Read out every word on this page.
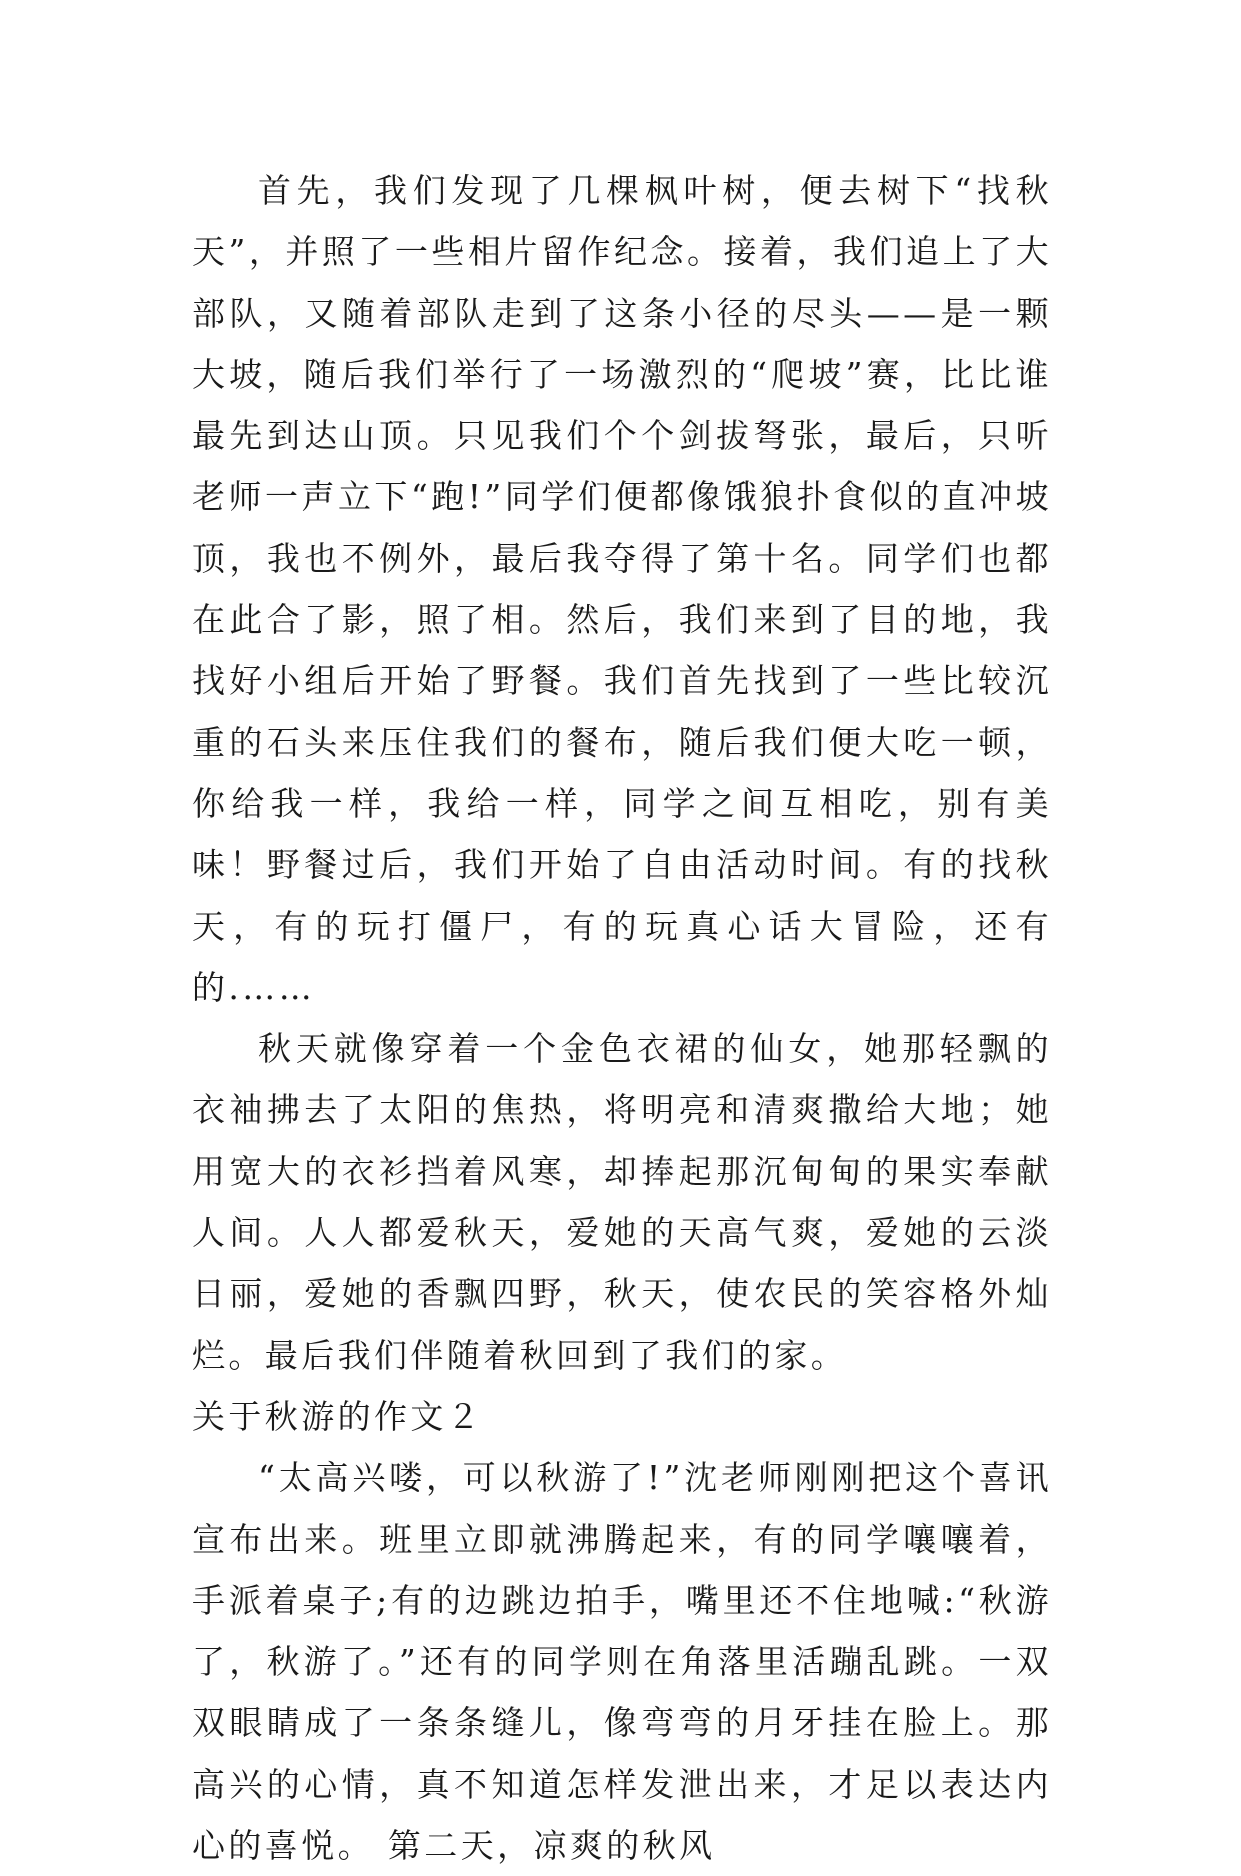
首先，我们发现了几棵枫叶树，便去树下“找秋天”，并照了一些相片留作纪念。接着，我们追上了大部队，又随着部队走到了这条小径的尽头——是一颗大坡，随后我们举行了一场激烈的“爬坡”赛，比比谁最先到达山顶。只见我们个个剑拔弩张，最后，只听老师一声立下“跑!”同学们便都像饿狼扑食似的直冲坡顶，我也不例外，最后我夺得了第十名。同学们也都在此合了影，照了相。然后，我们来到了目的地，我找好小组后开始了野餐。我们首先找到了一些比较沉重的石头来压住我们的餐布，随后我们便大吃一顿，你给我一样，我给一样，同学之间互相吃，别有美味！野餐过后，我们开始了自由活动时间。有的找秋天，有的玩打僵尸，有的玩真心话大冒险，还有的.……

秋天就像穿着一个金色衣裙的仙女，她那轻飘的衣袖拂去了太阳的焦热，将明亮和清爽撒给大地；她用宽大的衣衫挡着风寒，却捧起那沉甸甸的果实奉献人间。人人都爱秋天，爱她的天高气爽，爱她的云淡日丽，爱她的香飘四野，秋天，使农民的笑容格外灿烂。最后我们伴随着秋回到了我们的家。

关于秋游的作文２

“太高兴喽，可以秋游了!”沈老师刚刚把这个喜讯宣布出来。班里立即就沸腾起来，有的同学嚷嚷着，手派着桌子;有的边跳边拍手，嘴里还不住地喊:“秋游了，秋游了。”还有的同学则在角落里活蹦乱跳。一双双眼睛成了一条条缝儿，像弯弯的月牙挂在脸上。那高兴的心情，真不知道怎样发泄出来，才足以表达内心的喜悦。 第二天，凉爽的秋风
